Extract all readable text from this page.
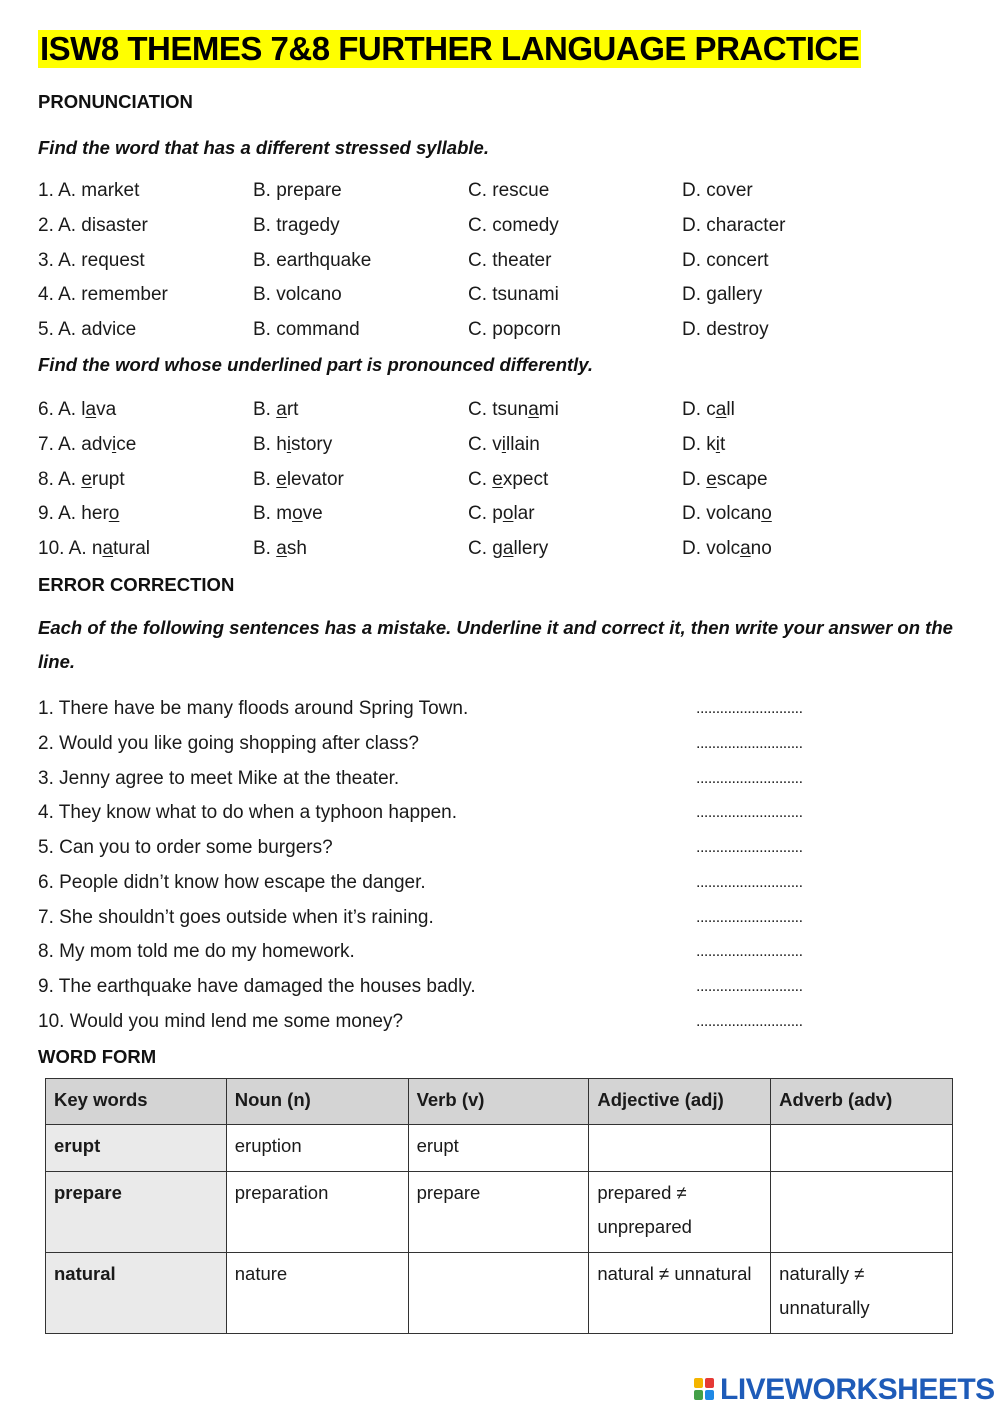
ISW8 THEMES 7&8 FURTHER LANGUAGE PRACTICE
PRONUNCIATION
Find the word that has a different stressed syllable.
1. A. market	B. prepare	C. rescue	D. cover
2. A. disaster	B. tragedy	C. comedy	D. character
3. A. request	B. earthquake	C. theater	D. concert
4. A. remember	B. volcano	C. tsunami	D. gallery
5. A. advice	B. command	C. popcorn	D. destroy
Find the word whose underlined part is pronounced differently.
6. A. lava	B. art	C. tsunami	D. call
7. A. advice	B. history	C. villain	D. kit
8. A. erupt	B. elevator	C. expect	D. escape
9. A. hero	B. move	C. polar	D. volcano
10. A. natural	B. ash	C. gallery	D. volcano
ERROR CORRECTION
Each of the following sentences has a mistake. Underline it and correct it, then write your answer on the line.
1. There have be many floods around Spring Town.	...........................
2. Would you like going shopping after class?	...........................
3. Jenny agree to meet Mike at the theater.	...........................
4. They know what to do when a typhoon happen.	...........................
5. Can you to order some burgers?	...........................
6. People didn’t know how escape the danger.	...........................
7. She shouldn’t goes outside when it’s raining.	...........................
8. My mom told me do my homework.	...........................
9. The earthquake have damaged the houses badly.	...........................
10. Would you mind lend me some money?	...........................
WORD FORM
Key words	Noun (n)	Verb (v)	Adjective (adj)	Adverb (adv)
erupt	eruption	erupt		
prepare	preparation	prepare	prepared ≠ unprepared	
natural	nature		natural ≠ unnatural	naturally ≠ unnaturally
LIVEWORKSHEETS
